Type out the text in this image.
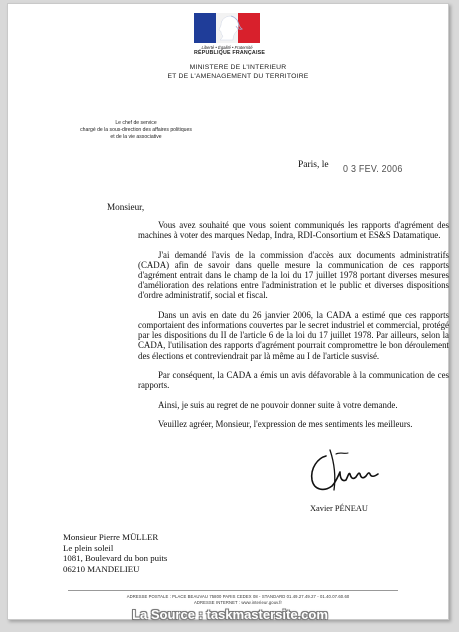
Liberté • Égalité • Fraternité
RÉPUBLIQUE FRANÇAISE
MINISTERE DE L'INTERIEUR
ET DE L'AMENAGEMENT DU TERRITOIRE
Le chef de service
chargé de la sous-direction des affaires politiques
et de la vie associative
Paris, le 0 3 FEV. 2006
Monsieur,

Vous avez souhaité que vous soient communiqués les rapports d'agrément des machines à voter des marques Nedap, Indra, RDI-Consortium et ES&S Datamatique.

J'ai demandé l'avis de la commission d'accès aux documents administratifs (CADA) afin de savoir dans quelle mesure la communication de ces rapports d'agrément entrait dans le champ de la loi du 17 juillet 1978 portant diverses mesures d'amélioration des relations entre l'administration et le public et diverses dispositions d'ordre administratif, social et fiscal.

Dans un avis en date du 26 janvier 2006, la CADA a estimé que ces rapports comportaient des informations couvertes par le secret industriel et commercial, protégé par les dispositions du II de l'article 6 de la loi du 17 juillet 1978. Par ailleurs, selon la CADA, l'utilisation des rapports d'agrément pourrait compromettre le bon déroulement des élections et contreviendrait par là même au I de l'article susvisé.

Par conséquent, la CADA a émis un avis défavorable à la communication de ces rapports.

Ainsi, je suis au regret de ne pouvoir donner suite à votre demande.

Veuillez agréer, Monsieur, l'expression de mes sentiments les meilleurs.

Xavier PÉNEAU
Monsieur Pierre MÜLLER
Le plein soleil
1081, Boulevard du bon puits
06210 MANDELIEU
ADRESSE POSTALE : PLACE BEAUVAU 75800 PARIS CEDEX 08 - STANDARD 01.49.27.49.27 - 01.40.07.60.60
ADRESSE INTERNET : www.interieur.gouv.fr
La Source : taskmastersite.com
